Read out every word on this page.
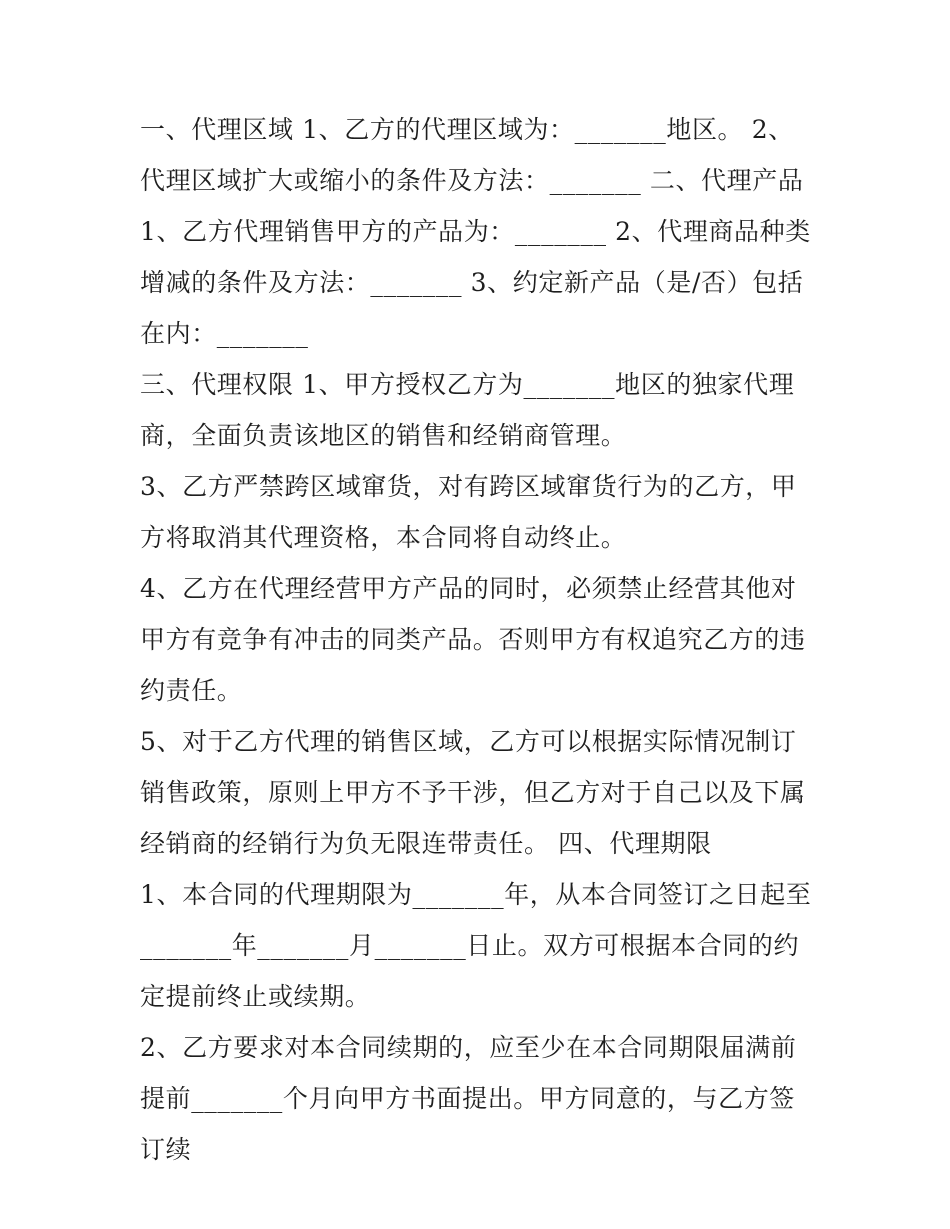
一、代理区域 1、乙方的代理区域为：_______地区。 2、代理区域扩大或缩小的条件及方法：_______ 二、代理产品

1、乙方代理销售甲方的产品为：_______ 2、代理商品种类增减的条件及方法：_______ 3、约定新产品（是/否）包括在内：_______

三、代理权限 1、甲方授权乙方为_______地区的独家代理商，全面负责该地区的销售和经销商管理。

3、乙方严禁跨区域窜货，对有跨区域窜货行为的乙方，甲方将取消其代理资格，本合同将自动终止。

4、乙方在代理经营甲方产品的同时，必须禁止经营其他对甲方有竞争有冲击的同类产品。否则甲方有权追究乙方的违约责任。

5、对于乙方代理的销售区域，乙方可以根据实际情况制订销售政策，原则上甲方不予干涉，但乙方对于自己以及下属经销商的经销行为负无限连带责任。 四、代理期限

1、本合同的代理期限为_______年，从本合同签订之日起至_______年_______月_______日止。双方可根据本合同的约定提前终止或续期。

2、乙方要求对本合同续期的，应至少在本合同期限届满前提前_______个月向甲方书面提出。甲方同意的，与乙方签订续
